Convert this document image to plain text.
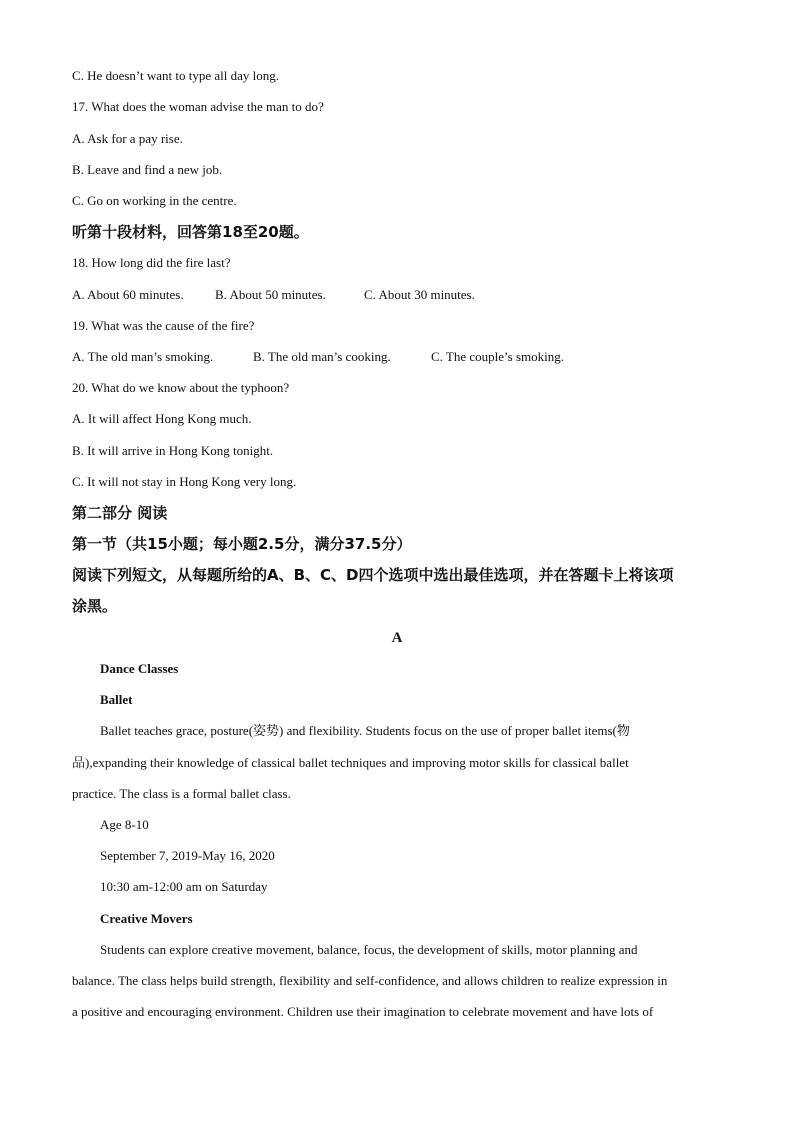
C. He doesn’t want to type all day long.
17. What does the woman advise the man to do?
A. Ask for a pay rise.
B. Leave and find a new job.
C. Go on working in the centre.
听第十段材料，回答第18至20题。
18. How long did the fire last?
A. About 60 minutes. B. About 50 minutes.	C. About 30 minutes.
19. What was the cause of the fire?
A. The old man’s smoking.	B. The old man’s cooking.	C. The couple’s smoking.
20. What do we know about the typhoon?
A. It will affect Hong Kong much.
B. It will arrive in Hong Kong tonight.
C. It will not stay in Hong Kong very long.
第二部分 阅读
第一节（共15小题；每小题2.5分，满分37.5分）
阅读下列短文，从每题所给的A、B、C、D四个选项中选出最佳选项，并在答题卡上将该项
涂黑。
A
Dance Classes
Ballet
Ballet teaches grace, posture(姿势) and flexibility. Students focus on the use of proper ballet items(物
品),expanding their knowledge of classical ballet techniques and improving motor skills for classical ballet
practice. The class is a formal ballet class.
Age 8-10
September 7, 2019-May 16, 2020
10:30 am-12:00 am on Saturday
Creative Movers
Students can explore creative movement, balance, focus, the development of skills, motor planning and
balance. The class helps build strength, flexibility and self-confidence, and allows children to realize expression in
a positive and encouraging environment. Children use their imagination to celebrate movement and have lots of
